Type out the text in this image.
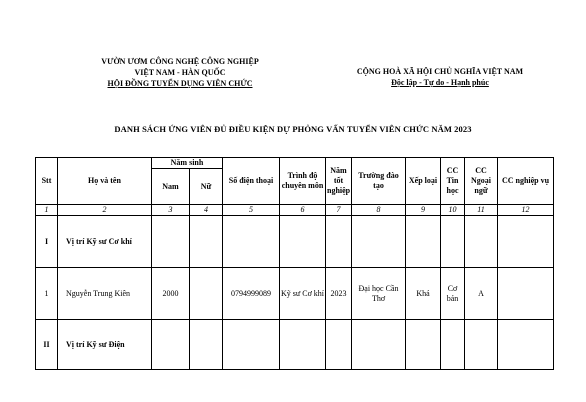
VƯỜN ƯƠM CÔNG NGHỆ CÔNG NGHIỆP
VIỆT NAM - HÀN QUỐC
HỘI ĐỒNG TUYỂN DỤNG VIÊN CHỨC
CỘNG HOÀ XÃ HỘI CHỦ NGHĨA VIỆT NAM
Độc lập - Tự do - Hạnh phúc
DANH SÁCH ỨNG VIÊN ĐỦ ĐIỀU KIỆN DỰ PHỎNG VẤN TUYỂN VIÊN CHỨC NĂM 2023
Stt	Họ và tên	Năm sinh		Số điện thoại	Trình độ chuyên môn	Năm tốt nghiệp	Trường đào tạo	Xếp loại	CC Tin học	CC Ngoại ngữ	CC nghiệp vụ
		Nam	Nữ								
1	2	3	4	5	6	7	8	9	10	11	12
I	Vị trí Kỹ sư Cơ khí										
1	Nguyễn Trung Kiên	2000		0794999089	Kỹ sư Cơ khí	2023	Đại học Cần Thơ	Khá	Cơ bản	A	
II	Vị trí Kỹ sư Điện										
